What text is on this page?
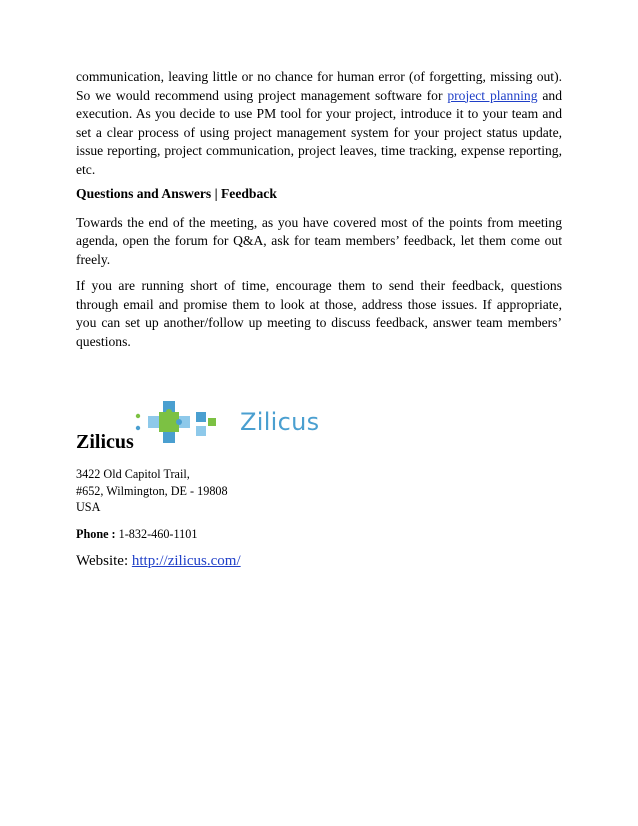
communication, leaving little or no chance for human error (of forgetting, missing out). So we would recommend using project management software for project planning and execution. As you decide to use PM tool for your project, introduce it to your team and set a clear process of using project management system for your project status update, issue reporting, project communication, project leaves, time tracking, expense reporting, etc.

Questions and Answers | Feedback

Towards the end of the meeting, as you have covered most of the points from meeting agenda, open the forum for Q&A, ask for team members’ feedback, let them come out freely.

If you are running short of time, encourage them to send their feedback, questions through email and promise them to look at those, address those issues. If appropriate, you can set up another/follow up meeting to discuss feedback, answer team members’ questions.

Zilicus
Zilicus
3422 Old Capitol Trail,
#652, Wilmington, DE - 19808
USA
Phone : 1-832-460-1101
Website: http://zilicus.com/
